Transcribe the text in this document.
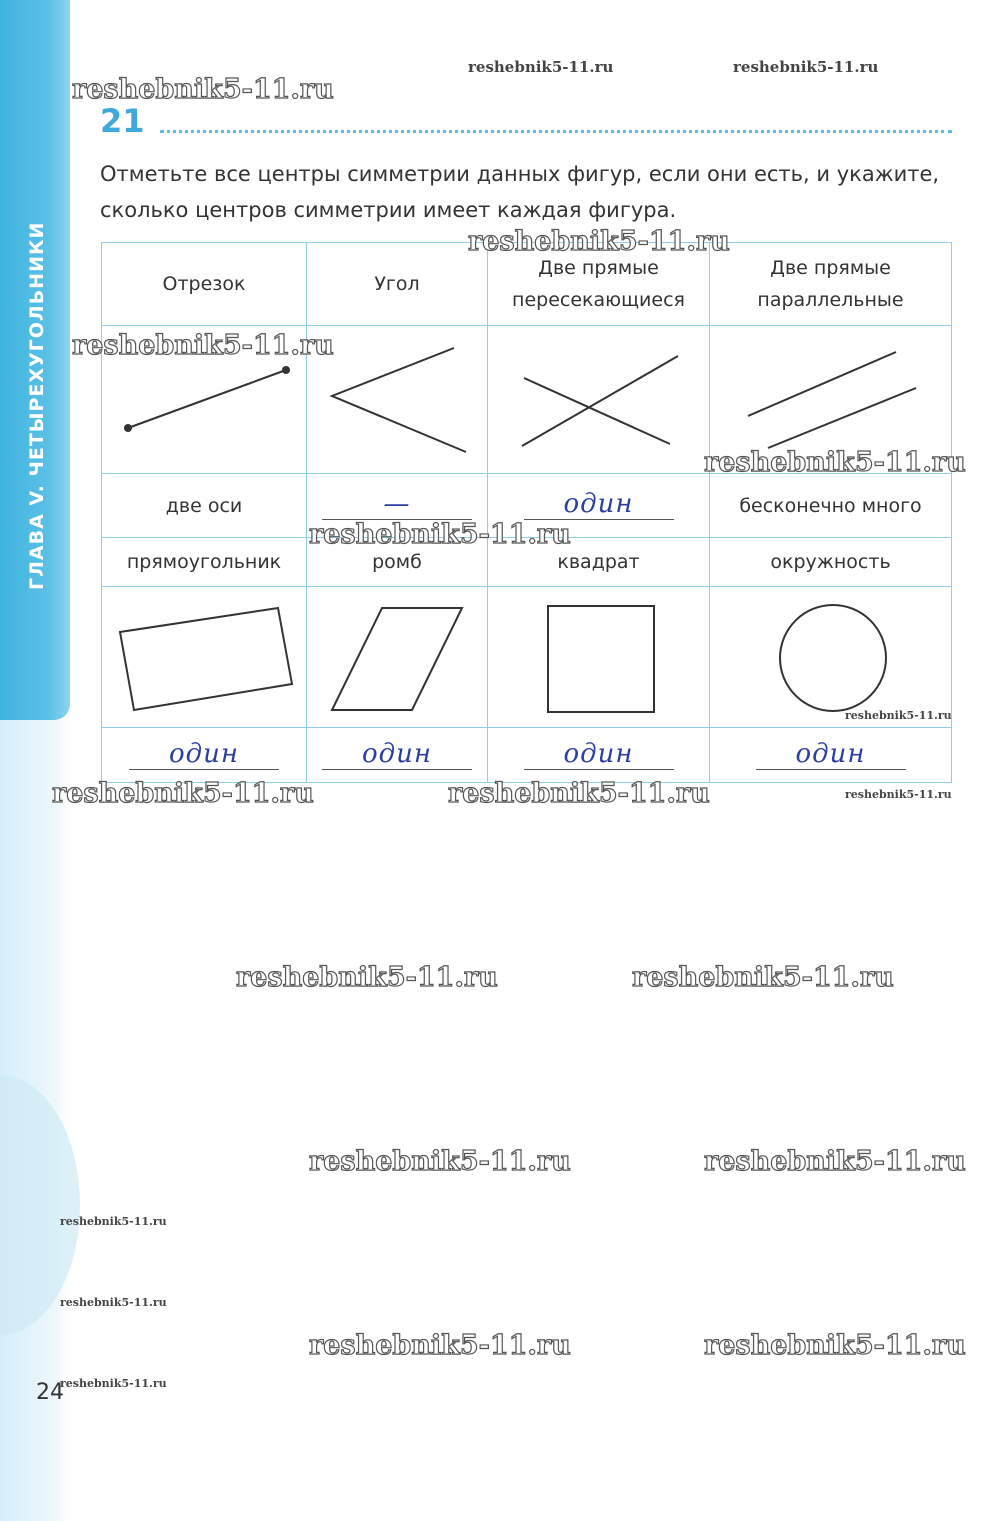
ГЛАВА V. ЧЕТЫРЕХУГОЛЬНИКИ
21
Отметьте все центры симметрии данных фигур, если они есть, и укажите, сколько центров симметрии имеет каждая фигура.
Отрезок	Угол	Две прямые пересекающиеся	Две прямые параллельные

две оси	—	один	бесконечно много
прямоугольник	ромб	квадрат	окружность

один	один	один	один
reshebnik5-11.ru	reshebnik5-11.ru
reshebnik5-11.ru
reshebnik5-11.ru
reshebnik5-11.ru
reshebnik5-11.ru
reshebnik5-11.ru
reshebnik5-11.ru
reshebnik5-11.ru	reshebnik5-11.ru	reshebnik5-11.ru
reshebnik5-11.ru	reshebnik5-11.ru
reshebnik5-11.ru	reshebnik5-11.ru
reshebnik5-11.ru
reshebnik5-11.ru
reshebnik5-11.ru	reshebnik5-11.ru
reshebnik5-11.ru
24
